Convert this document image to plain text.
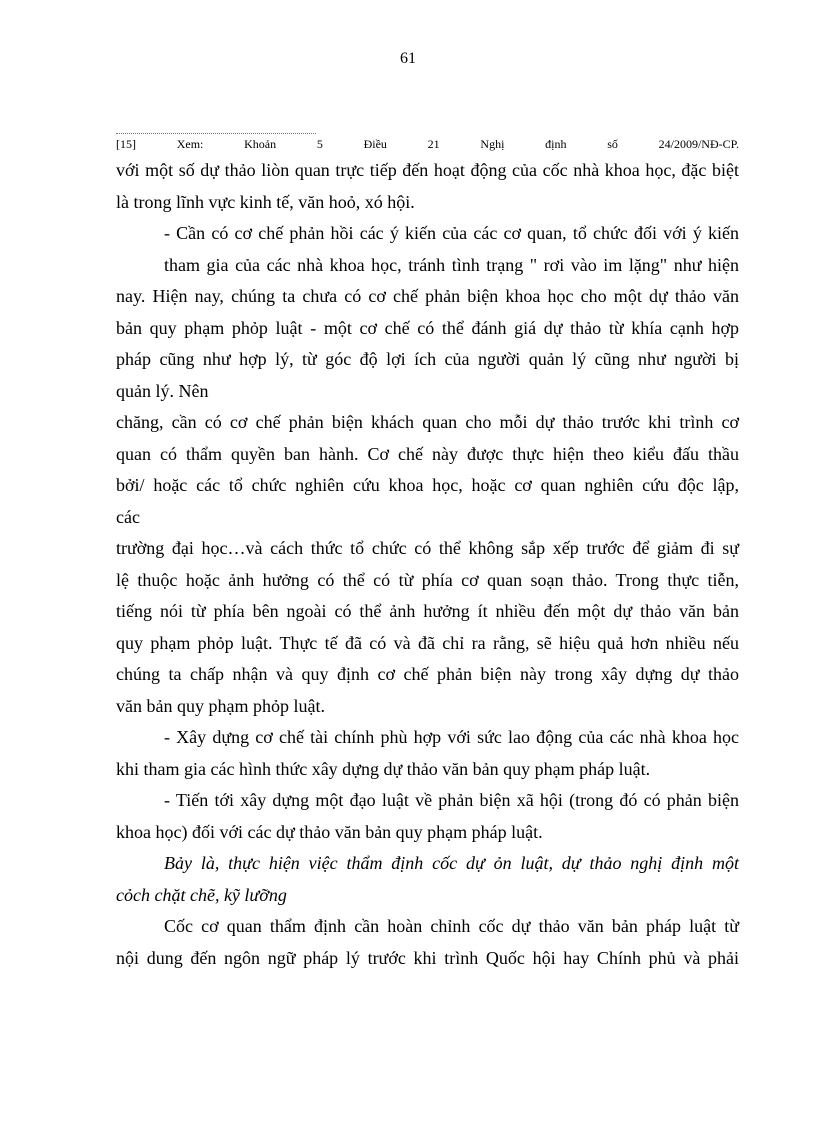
61
[15]	Xem:	Khoản	5	Điều	21	Nghị	định	số	24/2009/NĐ-CP.
với một số dự thảo liòn quan trực tiếp đến hoạt động của cốc nhà khoa học, đặc biệt
là trong lĩnh vực kinh tế, văn hoỏ, xó hội.
- Cần có cơ chế phản hồi các ý kiến của các cơ quan, tổ chức đối với ý kiến
tham gia của các nhà khoa học, tránh tình trạng " rơi vào im lặng" như hiện
nay. Hiện nay, chúng ta chưa có cơ chế phản biện khoa học cho một dự thảo văn
bản quy phạm phỏp luật - một cơ chế có thể đánh giá dự thảo từ khía cạnh hợp
pháp cũng như hợp lý, từ góc độ lợi ích của người quản lý cũng như người bị
quản lý. Nên
chăng, cần có cơ chế phản biện khách quan cho mỗi dự thảo trước khi trình cơ
quan có thẩm quyền ban hành. Cơ chế này được thực hiện theo kiểu đấu thầu
bởi/ hoặc các tổ chức nghiên cứu khoa học, hoặc cơ quan nghiên cứu độc lập,
các
trường đại học…và cách thức tổ chức có thể không sắp xếp trước để giảm đi sự
lệ thuộc hoặc ảnh hưởng có thể có từ phía cơ quan soạn thảo. Trong thực tiễn,
tiếng nói từ phía bên ngoài có thể ảnh hưởng ít nhiều đến một dự thảo văn bản
quy phạm phỏp luật. Thực tế đã có và đã chỉ ra rằng, sẽ hiệu quả hơn nhiều nếu
chúng ta chấp nhận và quy định cơ chế phản biện này trong xây dựng dự thảo
văn bản quy phạm phỏp luật.
- Xây dựng cơ chế tài chính phù hợp với sức lao động của các nhà khoa học
khi tham gia các hình thức xây dựng dự thảo văn bản quy phạm pháp luật.
- Tiến tới xây dựng một đạo luật về phản biện xã hội (trong đó có phản biện
khoa học) đối với các dự thảo văn bản quy phạm pháp luật.
Bảy là, thực hiện việc thẩm định cốc dự ỏn luật, dự thảo nghị định một
cỏch chặt chẽ, kỹ lưỡng
Cốc cơ quan thẩm định cần hoàn chỉnh cốc dự thảo văn bản pháp luật từ
nội dung đến ngôn ngữ pháp lý trước khi trình Quốc hội hay Chính phủ và phải
